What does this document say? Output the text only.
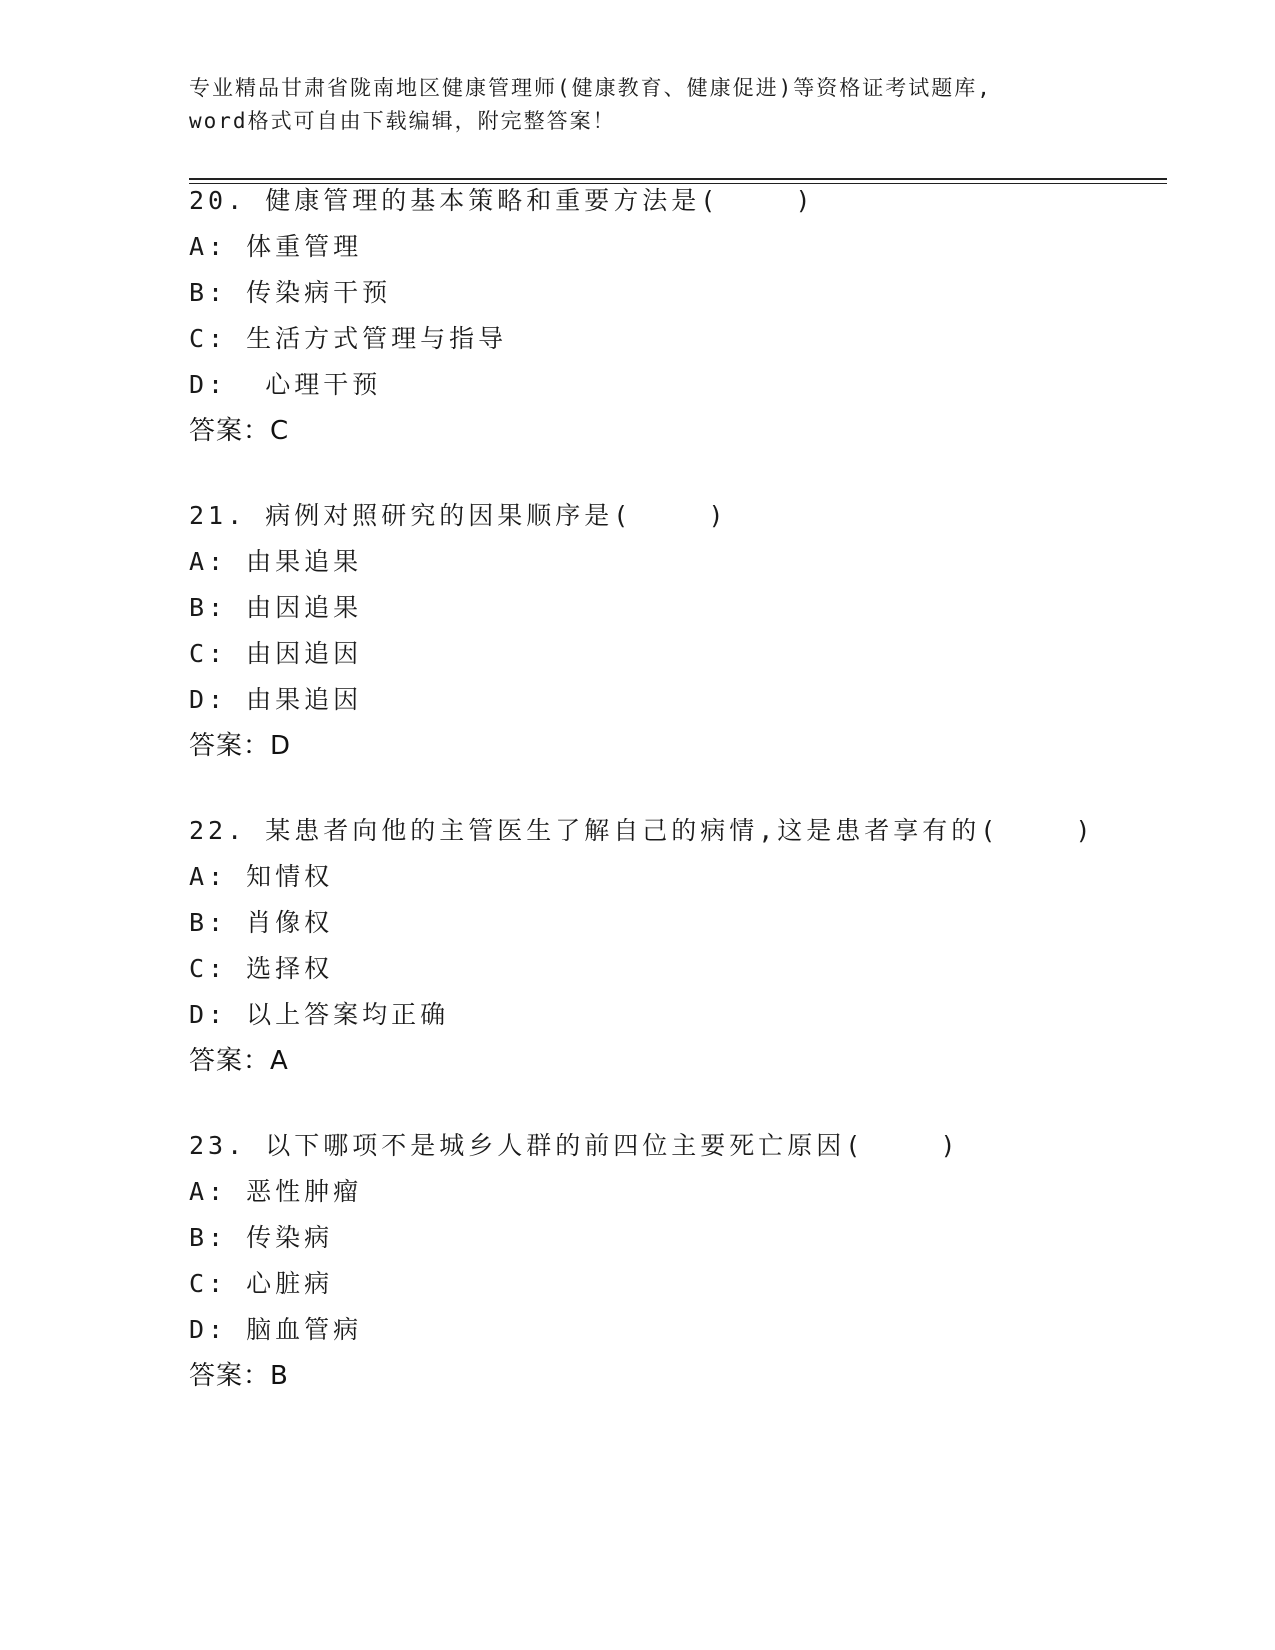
专业精品甘肃省陇南地区健康管理师(健康教育、健康促进)等资格证考试题库,
word格式可自由下载编辑，附完整答案！
20. 健康管理的基本策略和重要方法是(    )
A: 体重管理
B: 传染病干预
C: 生活方式管理与指导
D:  心理干预
答案：C
21. 病例对照研究的因果顺序是(    )
A: 由果追果
B: 由因追果
C: 由因追因
D: 由果追因
答案：D
22. 某患者向他的主管医生了解自己的病情,这是患者享有的(    )
A: 知情权
B: 肖像权
C: 选择权
D: 以上答案均正确
答案：A
23. 以下哪项不是城乡人群的前四位主要死亡原因(    )
A: 恶性肿瘤
B: 传染病
C: 心脏病
D: 脑血管病
答案：B
